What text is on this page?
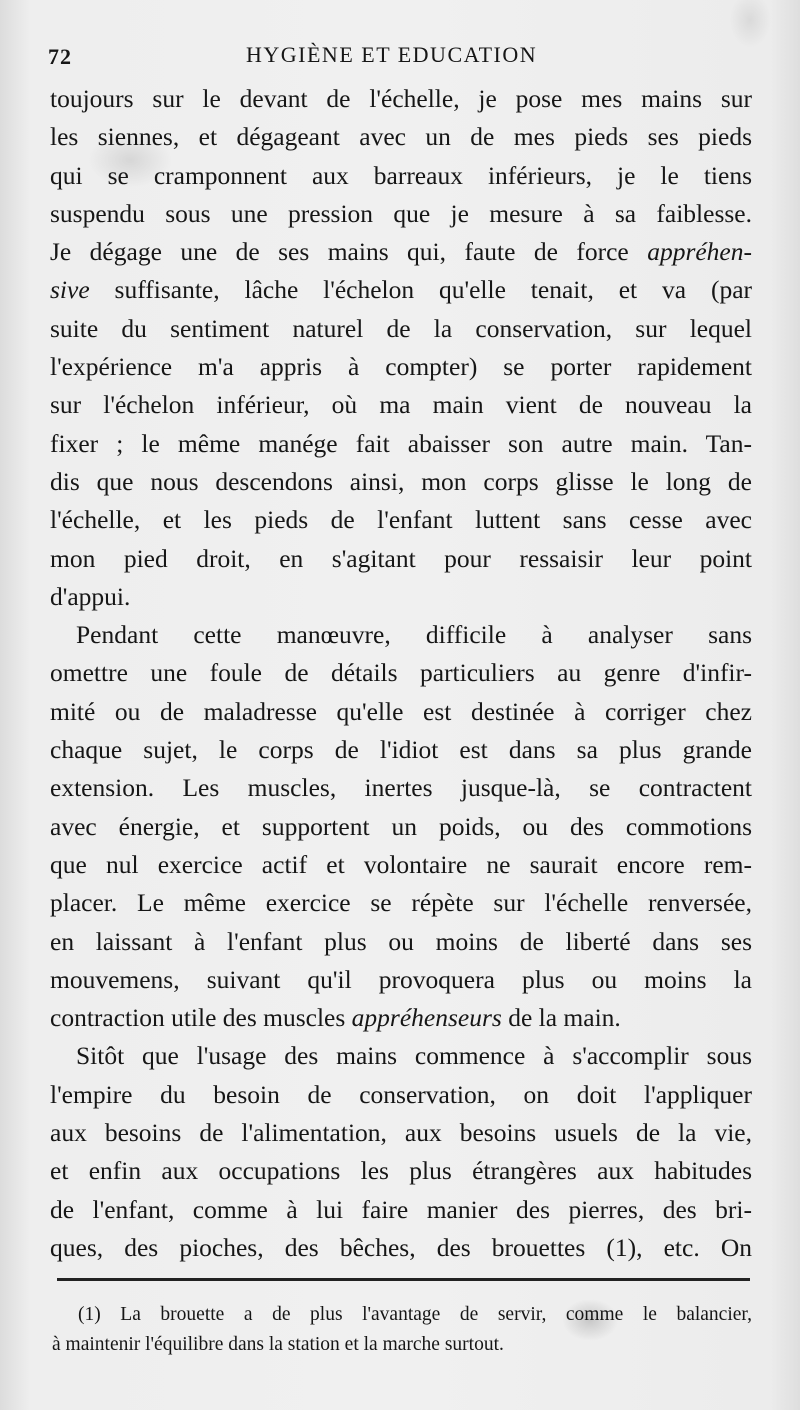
72	HYGIÈNE ET EDUCATION
toujours sur le devant de l'échelle, je pose mes mains sur
les siennes, et dégageant avec un de mes pieds ses pieds
qui se cramponnent aux barreaux inférieurs, je le tiens
suspendu sous une pression que je mesure à sa faiblesse.
Je dégage une de ses mains qui, faute de force appréhen-
sive suffisante, lâche l'échelon qu'elle tenait, et va (par
suite du sentiment naturel de la conservation, sur lequel
l'expérience m'a appris à compter) se porter rapidement
sur l'échelon inférieur, où ma main vient de nouveau la
fixer ; le même manége fait abaisser son autre main. Tan-
dis que nous descendons ainsi, mon corps glisse le long de
l'échelle, et les pieds de l'enfant luttent sans cesse avec
mon pied droit, en s'agitant pour ressaisir leur point
d'appui.
Pendant cette manœuvre, difficile à analyser sans
omettre une foule de détails particuliers au genre d'infir-
mité ou de maladresse qu'elle est destinée à corriger chez
chaque sujet, le corps de l'idiot est dans sa plus grande
extension. Les muscles, inertes jusque-là, se contractent
avec énergie, et supportent un poids, ou des commotions
que nul exercice actif et volontaire ne saurait encore rem-
placer. Le même exercice se répète sur l'échelle renversée,
en laissant à l'enfant plus ou moins de liberté dans ses
mouvemens, suivant qu'il provoquera plus ou moins la
contraction utile des muscles appréhenseurs de la main.
Sitôt que l'usage des mains commence à s'accomplir sous
l'empire du besoin de conservation, on doit l'appliquer
aux besoins de l'alimentation, aux besoins usuels de la vie,
et enfin aux occupations les plus étrangères aux habitudes
de l'enfant, comme à lui faire manier des pierres, des bri-
ques, des pioches, des bêches, des brouettes (1), etc. On
(1) La brouette a de plus l'avantage de servir, comme le balancier,
à maintenir l'équilibre dans la station et la marche surtout.
